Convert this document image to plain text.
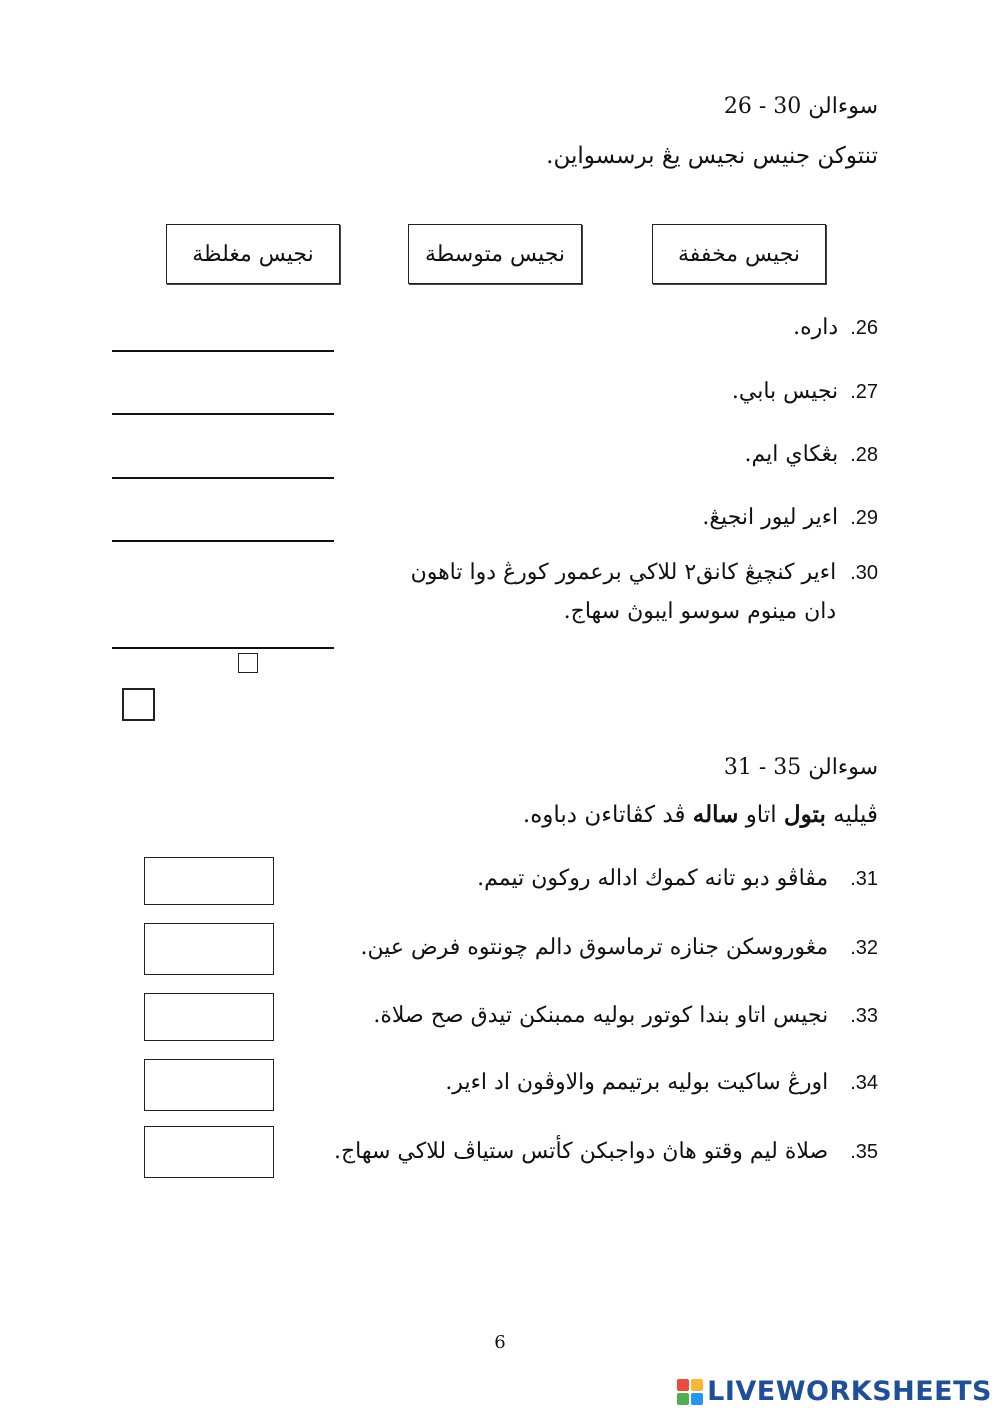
سوءالن 30 - 26
تنتوكن جنيس نجيس يڠ برسسواين.
نجيس مخففة
نجيس متوسطة
نجيس مغلظة
26.
داره.
27.
نجيس بابي.
28.
بڠكاي ايم.
29.
اءير ليور انجيڠ.
30.
اءير كنچيڠ كانق٢ للاكي برعمور كورڠ دوا تاهون
دان مينوم سوسو ايبوڽ سهاج.
سوءالن 35 - 31
ڤيليه بتول اتاو ساله ڤد كڤاتاءن دباوه.
31.
مڤاڤو دبو تانه كموك اداله روكون تيمم.
32.
مڠوروسكن جنازه ترماسوق دالم چونتوه فرض عين.
33.
نجيس اتاو بندا كوتور بوليه ممبنكن تيدق صح صلاة.
34.
اورڠ ساكيت بوليه برتيمم والاوڤون اد اءير.
35.
صلاة ليم وقتو هاڽ دواجبكن كأتس ستياڤ للاكي سهاج.
6
LIVEWORKSHEETS
